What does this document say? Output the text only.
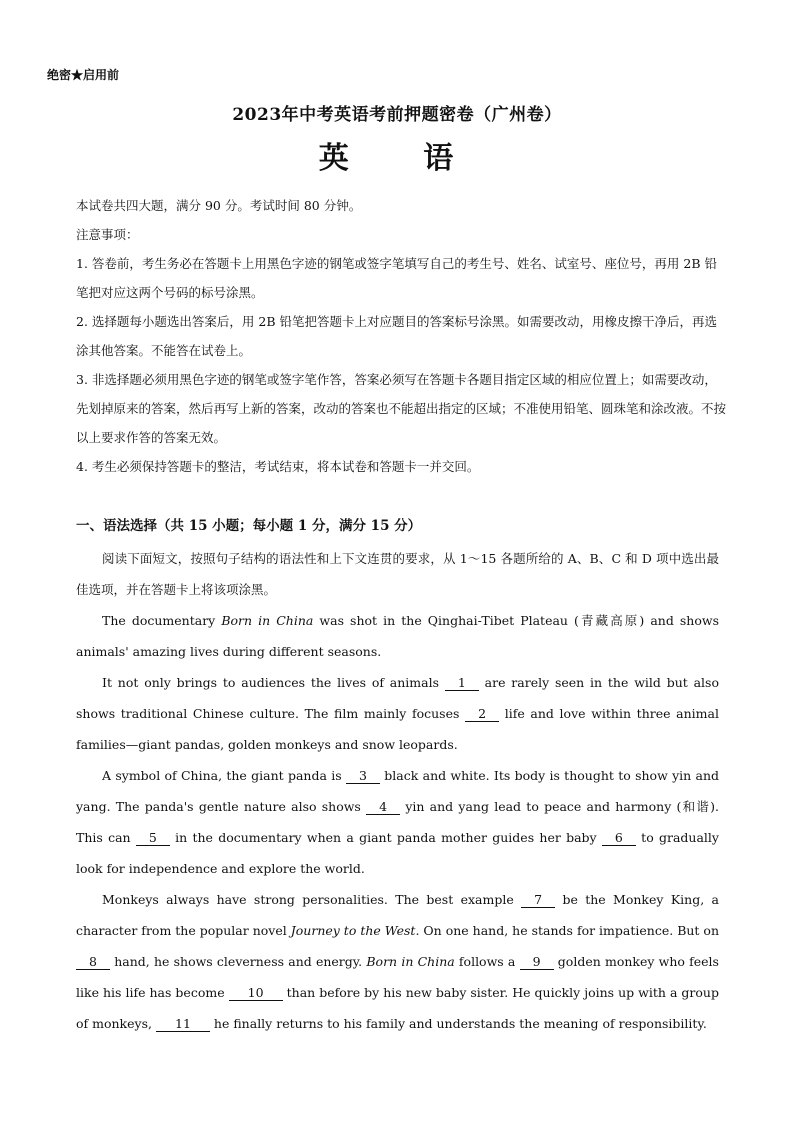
绝密★启用前
2023年中考英语考前押题密卷（广州卷）
英 语

本试卷共四大题，满分 90 分。考试时间 80 分钟。

注意事项：

1. 答卷前，考生务必在答题卡上用黑色字迹的钢笔或签字笔填写自己的考生号、姓名、试室号、座位号，再用 2B 铅笔把对应这两个号码的标号涂黑。

2. 选择题每小题选出答案后，用 2B 铅笔把答题卡上对应题目的答案标号涂黑。如需要改动，用橡皮擦干净后，再选涂其他答案。不能答在试卷上。

3. 非选择题必须用黑色字迹的钢笔或签字笔作答，答案必须写在答题卡各题目指定区域的相应位置上；如需要改动，先划掉原来的答案，然后再写上新的答案，改动的答案也不能超出指定的区域；不准使用铅笔、圆珠笔和涂改液。不按以上要求作答的答案无效。

4. 考生必须保持答题卡的整洁，考试结束，将本试卷和答题卡一并交回。

一、语法选择（共 15 小题；每小题 1 分，满分 15 分）

阅读下面短文，按照句子结构的语法性和上下文连贯的要求，从 1～15 各题所给的 A、B、C 和 D 项中选出最佳选项，并在答题卡上将该项涂黑。

The documentary Born in China was shot in the Qinghai-Tibet Plateau (青藏高原) and shows animals' amazing lives during different seasons.

It not only brings to audiences the lives of animals 1 are rarely seen in the wild but also shows traditional Chinese culture. The film mainly focuses 2 life and love within three animal families—giant pandas, golden monkeys and snow leopards.

A symbol of China, the giant panda is 3 black and white. Its body is thought to show yin and yang. The panda's gentle nature also shows 4 yin and yang lead to peace and harmony (和谐). This can 5 in the documentary when a giant panda mother guides her baby 6 to gradually look for independence and explore the world.

Monkeys always have strong personalities. The best example 7 be the Monkey King, a character from the popular novel Journey to the West. On one hand, he stands for impatience. But on 8 hand, he shows cleverness and energy. Born in China follows a 9 golden monkey who feels like his life has become 10 than before by his new baby sister. He quickly joins up with a group of monkeys, 11 he finally returns to his family and understands the meaning of responsibility.
